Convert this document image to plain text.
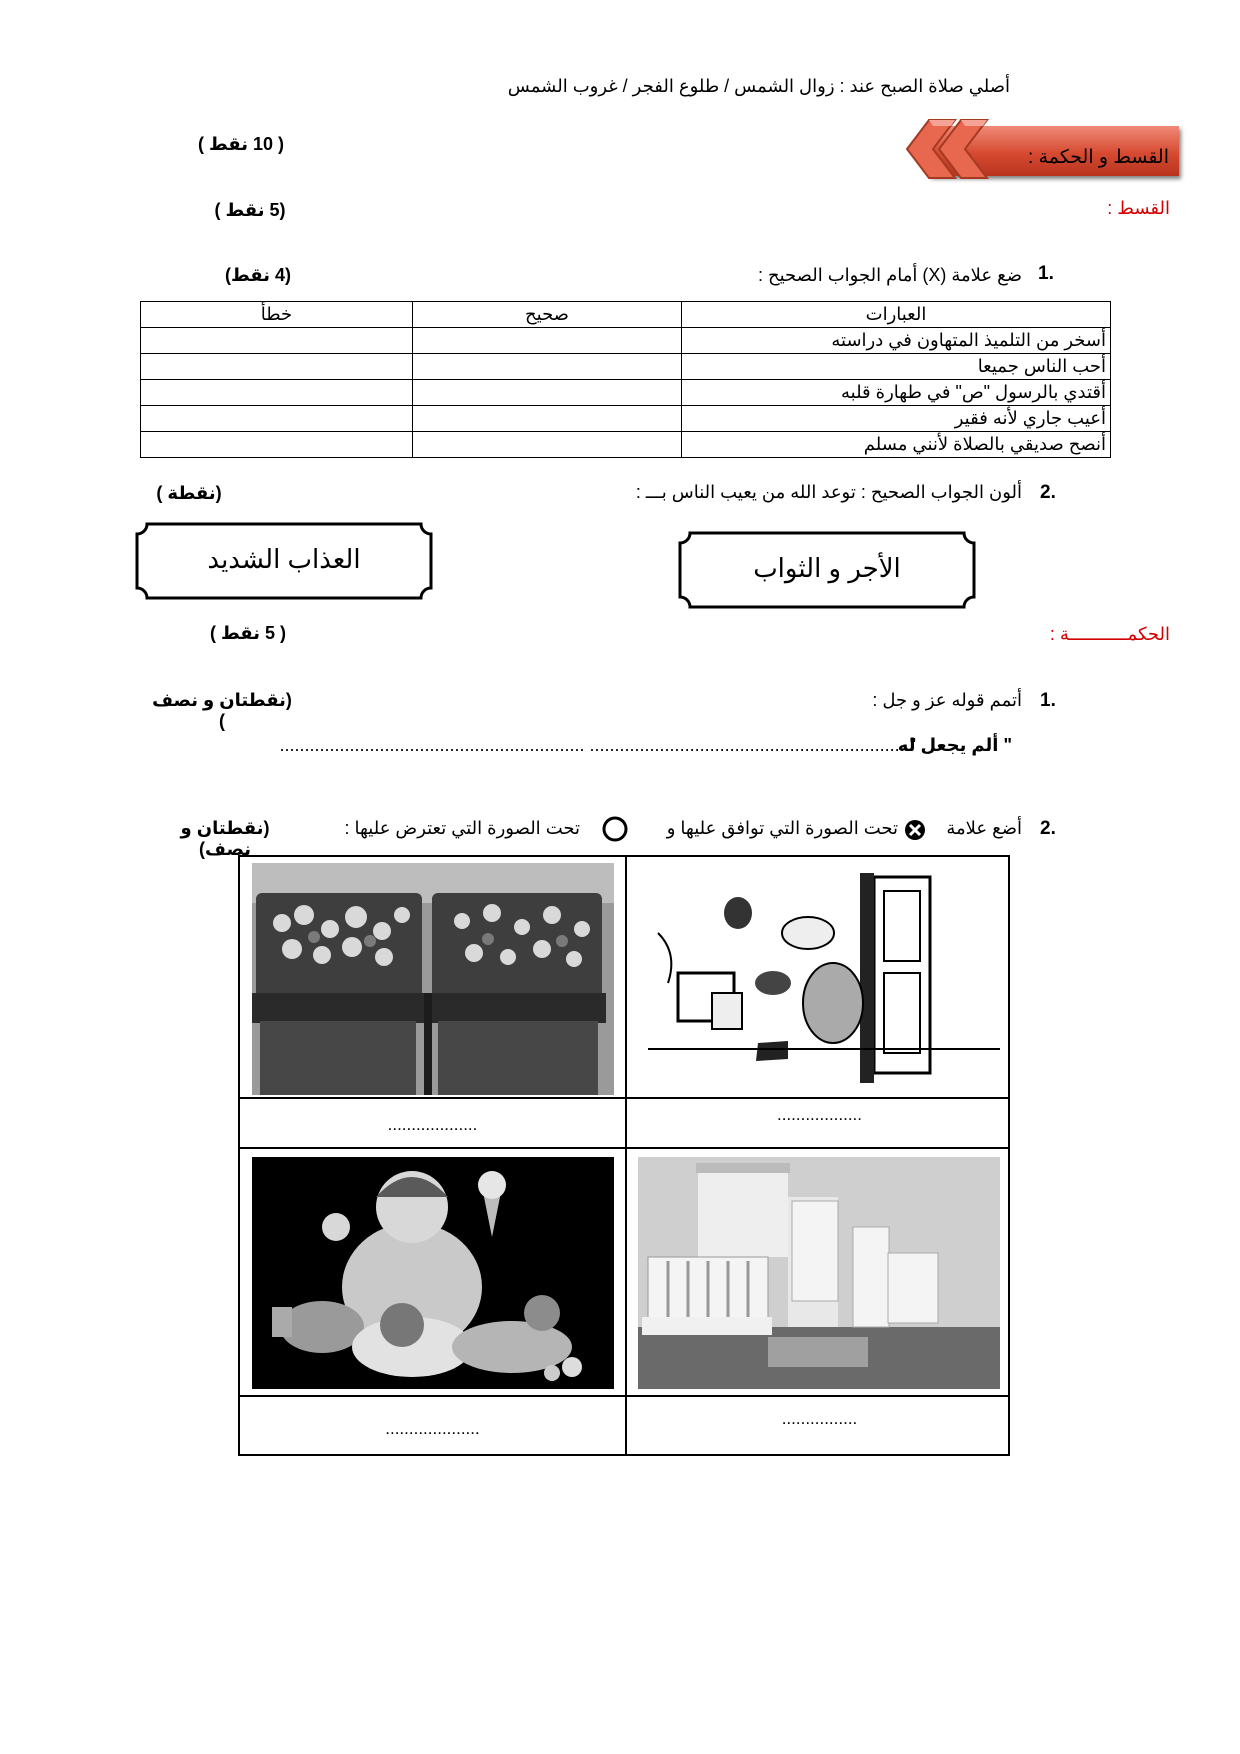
أصلي صلاة الصبح عند : زوال الشمس / طلوع الفجر / غروب الشمس
القسط و الحكمة :
( 10 نقط )
القسط :
(5 نقط )
1.
ضع علامة (X) أمام الجواب الصحيح :
(4 نقط)
العبارات	صحيح	خطأ
أسخر من التلميذ المتهاون في دراسته		
أحب الناس جميعا		
أقتدي بالرسول "ص" في طهارة قلبه		
أعيب جاري لأنه فقير		
أنصح صديقي بالصلاة لأنني مسلم		
2.
ألون الجواب الصحيح : توعد الله من يعيب الناس بـــ :
(نقطة )
الأجر و الثواب
العذاب الشديد
الحكمـــــــــــة :
( 5 نقط )
1.
أتمم قوله عز و جل :
(نقطتان و نصف )
" ألم يجعل له
............................................................. ................................................................"
2.
أضع علامة
تحت الصورة التي توافق عليها و
تحت الصورة التي تعترض عليها :
(نقطتان و نصف)
...................
..................
....................
................
